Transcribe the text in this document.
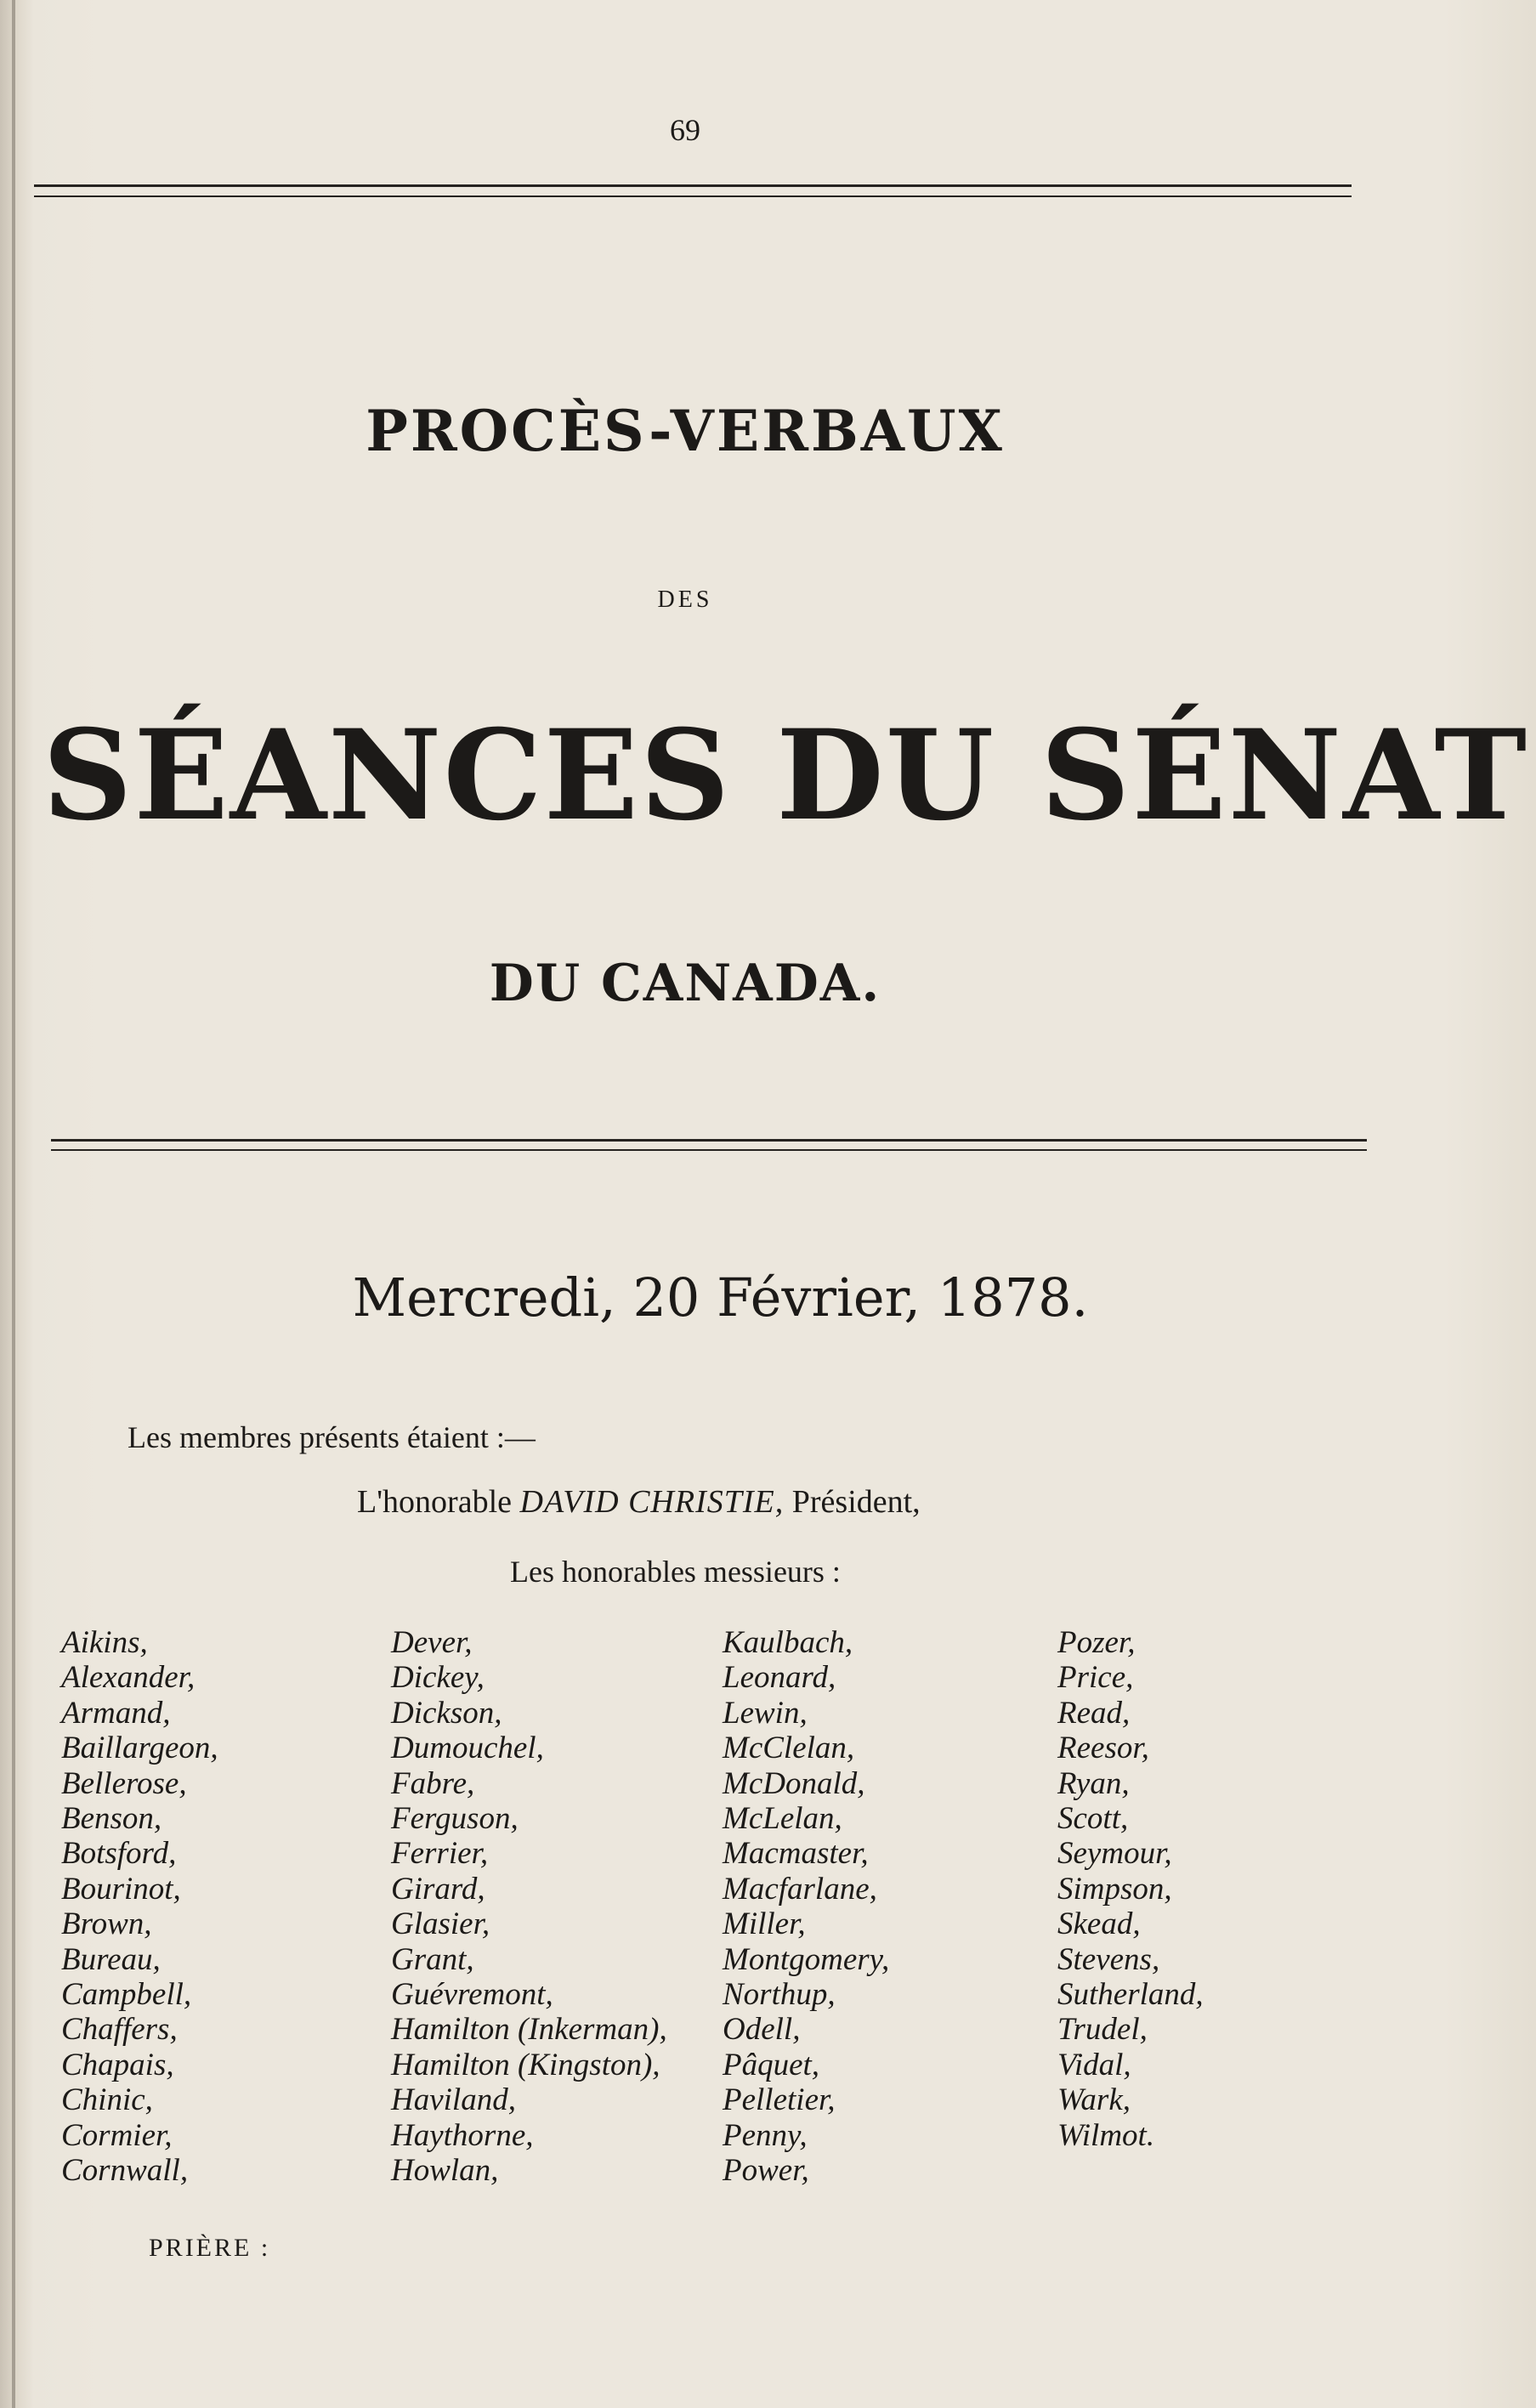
69
PROCÈS-VERBAUX
DES
SÉANCES DU SÉNAT
DU CANADA.
Mercredi, 20 Février, 1878.
Les membres présents étaient :—
L'honorable DAVID CHRISTIE, Président,
Les honorables messieurs :
Aikins,
Alexander,
Armand,
Baillargeon,
Bellerose,
Benson,
Botsford,
Bourinot,
Brown,
Bureau,
Campbell,
Chaffers,
Chapais,
Chinic,
Cormier,
Cornwall,
Dever,
Dickey,
Dickson,
Dumouchel,
Fabre,
Ferguson,
Ferrier,
Girard,
Glasier,
Grant,
Guévremont,
Hamilton (Inkerman),
Hamilton (Kingston),
Haviland,
Haythorne,
Howlan,
Kaulbach,
Leonard,
Lewin,
McClelan,
McDonald,
McLelan,
Macmaster,
Macfarlane,
Miller,
Montgomery,
Northup,
Odell,
Pâquet,
Pelletier,
Penny,
Power,
Pozer,
Price,
Read,
Reesor,
Ryan,
Scott,
Seymour,
Simpson,
Skead,
Stevens,
Sutherland,
Trudel,
Vidal,
Wark,
Wilmot.
PRIÈRE :
